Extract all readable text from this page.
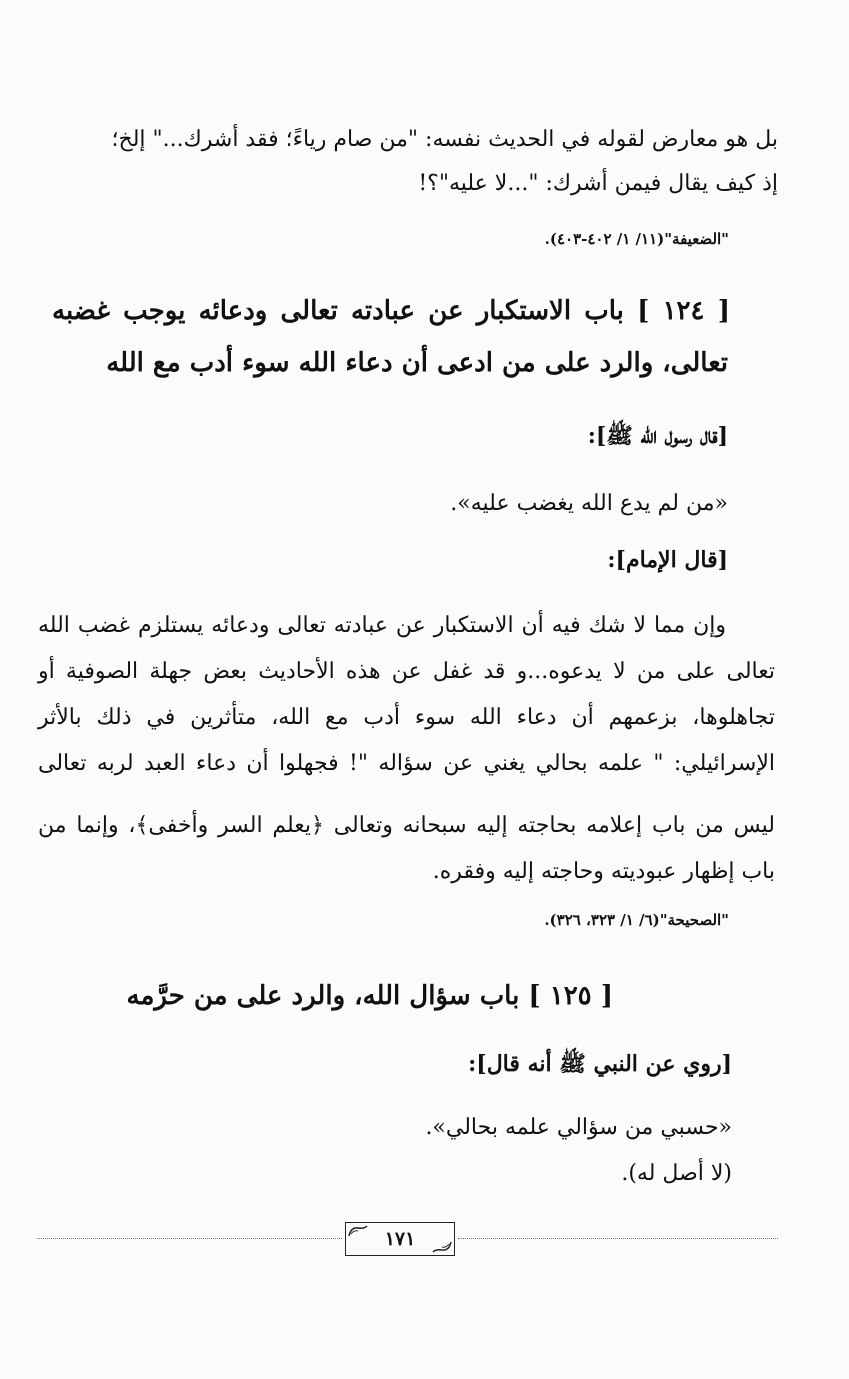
بل هو معارض لقوله في الحديث نفسه: "من صام رياءً؛ فقد أشرك..." إلخ؛
إذ كيف يقال فيمن أشرك: "...لا عليه"؟!
"الضعيفة"(١١/ ١/ ٤٠٢-٤٠٣).
[ ١٢٤ ] باب الاستكبار عن عبادته تعالى ودعائه يوجب غضبه
تعالى، والرد على من ادعى أن دعاء الله سوء أدب مع الله
[قال رسول الله ﷺ]:
«من لم يدع الله يغضب عليه».
[قال الإمام]:
وإن مما لا شك فيه أن الاستكبار عن عبادته تعالى ودعائه يستلزم غضب الله
تعالى على من لا يدعوه...و قد غفل عن هذه الأحاديث بعض جهلة الصوفية أو
تجاهلوها، بزعمهم أن دعاء الله سوء أدب مع الله، متأثرين في ذلك بالأثر
الإسرائيلي: " علمه بحالي يغني عن سؤاله "! فجهلوا أن دعاء العبد لربه تعالى
ليس من باب إعلامه بحاجته إليه سبحانه وتعالى ﴿يعلم السر وأخفى﴾، وإنما من
باب إظهار عبوديته وحاجته إليه وفقره.
"الصحيحة"(٦/ ١/ ٣٢٣، ٣٢٦).
[ ١٢٥ ] باب سؤال الله، والرد على من حرَّمه
[روي عن النبي ﷺ أنه قال]:
«حسبي من سؤالي علمه بحالي».
(لا أصل له).
١٧١
